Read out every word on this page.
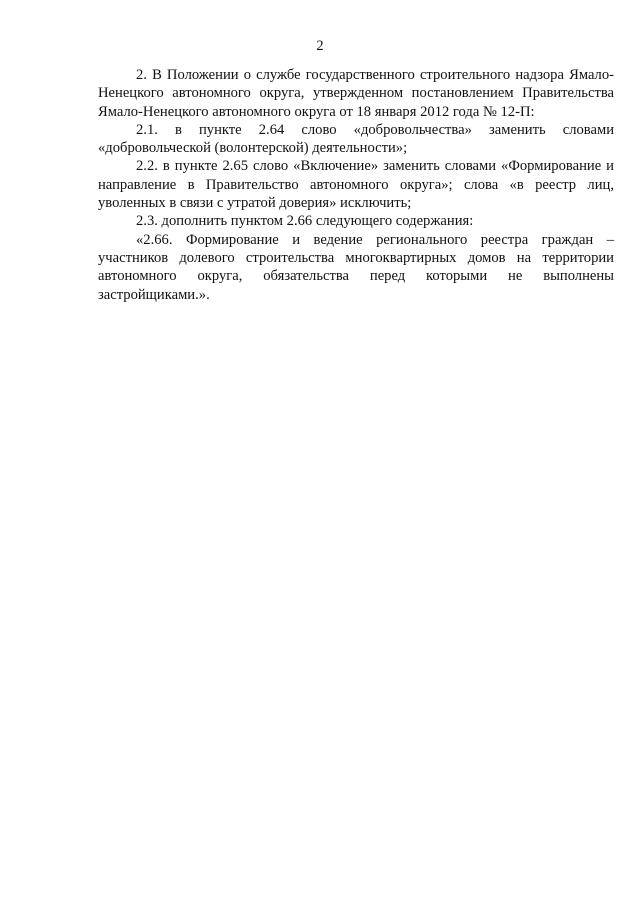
2

2. В Положении о службе государственного строительного надзора Ямало-Ненецкого автономного округа, утвержденном постановлением Правительства Ямало-Ненецкого автономного округа от 18 января 2012 года № 12-П:

2.1. в пункте 2.64 слово «добровольчества» заменить словами «добровольческой (волонтерской) деятельности»;

2.2. в пункте 2.65 слово «Включение» заменить словами «Формирование и направление в Правительство автономного округа»; слова «в реестр лиц, уволенных в связи с утратой доверия» исключить;

2.3. дополнить пунктом 2.66 следующего содержания:

«2.66. Формирование и ведение регионального реестра граждан – участников долевого строительства многоквартирных домов на территории автономного округа, обязательства перед которыми не выполнены застройщиками.».
